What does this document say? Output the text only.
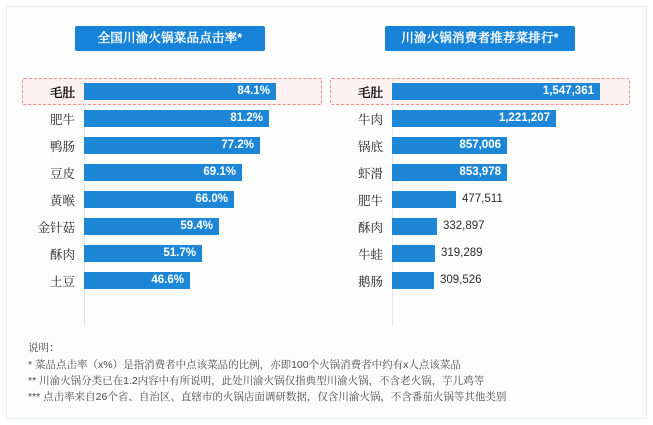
全国川渝火锅菜品点击率*	川渝火锅消费者推荐菜排行*
毛肚	84.1%
肥牛	81.2%
鸭肠	77.2%
豆皮	69.1%
黄喉	66.0%
金针菇	59.4%
酥肉	51.7%
土豆	46.6%
毛肚	1,547,361
牛肉	1,221,207
锅底	857,006
虾滑	853,978
肥牛	477,511
酥肉	332,897
牛蛙	319,289
鹅肠	309,526
说明：
* 菜品点击率（x%）是指消费者中点该菜品的比例，亦即100个火锅消费者中约有x人点该菜品
** 川渝火锅分类已在1.2内容中有所说明，此处川渝火锅仅指典型川渝火锅，不含老火锅，芋儿鸡等
*** 点击率来自26个省、自治区、直辖市的火锅店面调研数据，仅含川渝火锅，不含番茄火锅等其他类别
